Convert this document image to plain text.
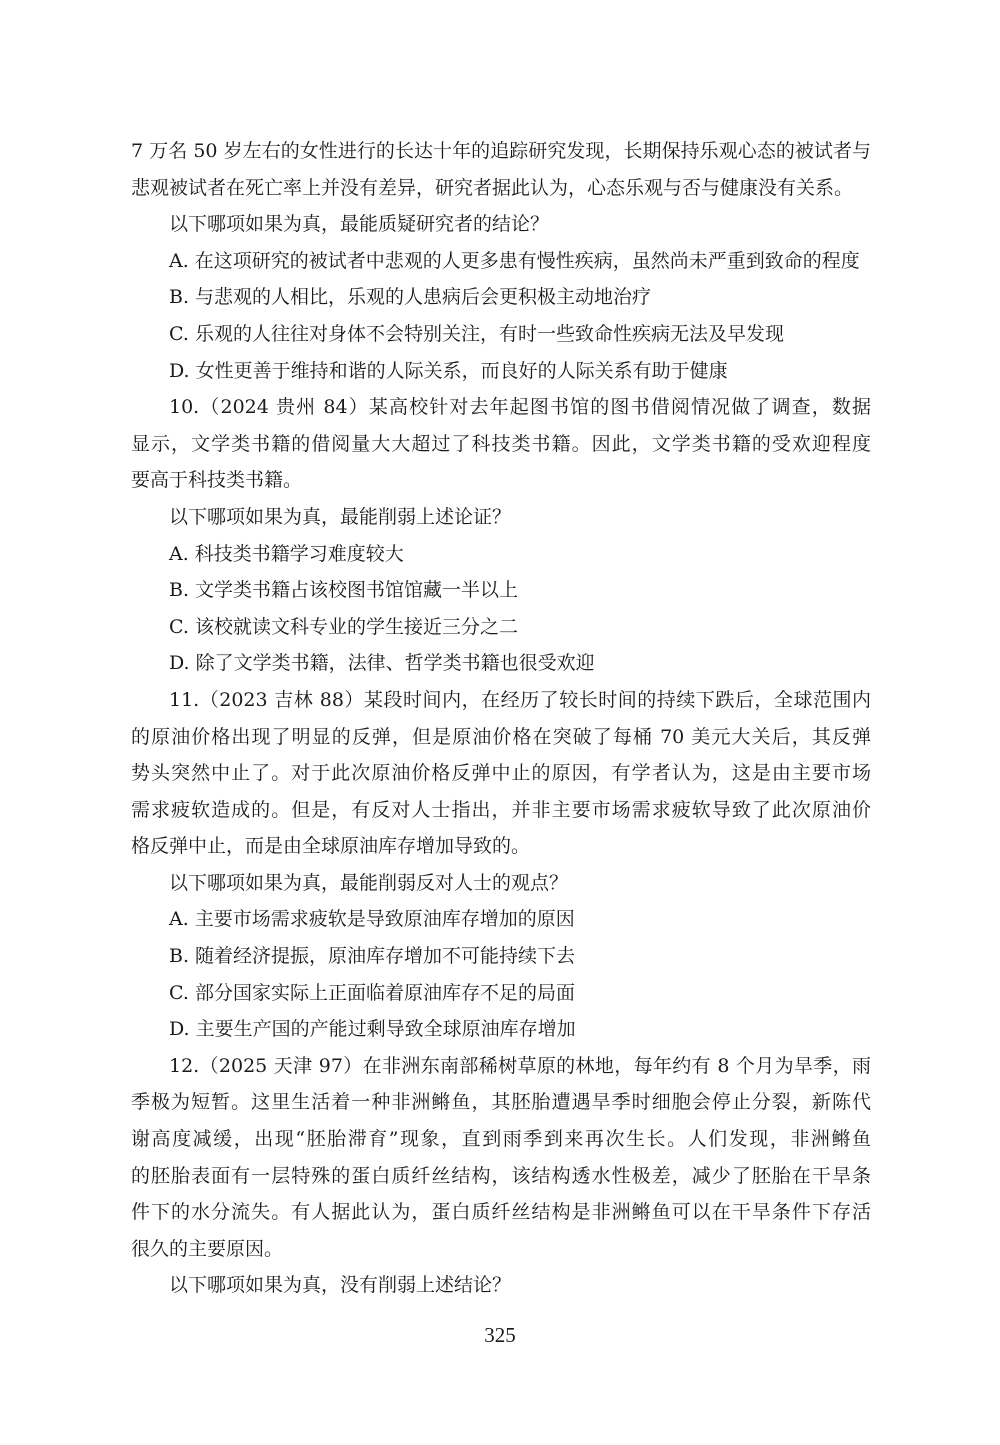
7 万名 50 岁左右的女性进行的长达十年的追踪研究发现，长期保持乐观心态的被试者与

悲观被试者在死亡率上并没有差异，研究者据此认为，心态乐观与否与健康没有关系。

以下哪项如果为真，最能质疑研究者的结论？

A. 在这项研究的被试者中悲观的人更多患有慢性疾病，虽然尚未严重到致命的程度

B. 与悲观的人相比，乐观的人患病后会更积极主动地治疗

C. 乐观的人往往对身体不会特别关注，有时一些致命性疾病无法及早发现

D. 女性更善于维持和谐的人际关系，而良好的人际关系有助于健康

10.（2024 贵州 84）某高校针对去年起图书馆的图书借阅情况做了调查，数据

显示，文学类书籍的借阅量大大超过了科技类书籍。因此，文学类书籍的受欢迎程度

要高于科技类书籍。

以下哪项如果为真，最能削弱上述论证？

A. 科技类书籍学习难度较大

B. 文学类书籍占该校图书馆馆藏一半以上

C. 该校就读文科专业的学生接近三分之二

D. 除了文学类书籍，法律、哲学类书籍也很受欢迎

11.（2023 吉林 88）某段时间内，在经历了较长时间的持续下跌后，全球范围内

的原油价格出现了明显的反弹，但是原油价格在突破了每桶 70 美元大关后，其反弹

势头突然中止了。对于此次原油价格反弹中止的原因，有学者认为，这是由主要市场

需求疲软造成的。但是，有反对人士指出，并非主要市场需求疲软导致了此次原油价

格反弹中止，而是由全球原油库存增加导致的。

以下哪项如果为真，最能削弱反对人士的观点？

A. 主要市场需求疲软是导致原油库存增加的原因

B. 随着经济提振，原油库存增加不可能持续下去

C. 部分国家实际上正面临着原油库存不足的局面

D. 主要生产国的产能过剩导致全球原油库存增加

12.（2025 天津 97）在非洲东南部稀树草原的林地，每年约有 8 个月为旱季，雨

季极为短暂。这里生活着一种非洲鳉鱼，其胚胎遭遇旱季时细胞会停止分裂，新陈代

谢高度减缓，出现“胚胎滞育”现象，直到雨季到来再次生长。人们发现，非洲鳉鱼

的胚胎表面有一层特殊的蛋白质纤丝结构，该结构透水性极差，减少了胚胎在干旱条

件下的水分流失。有人据此认为，蛋白质纤丝结构是非洲鳉鱼可以在干旱条件下存活

很久的主要原因。

以下哪项如果为真，没有削弱上述结论？

325
